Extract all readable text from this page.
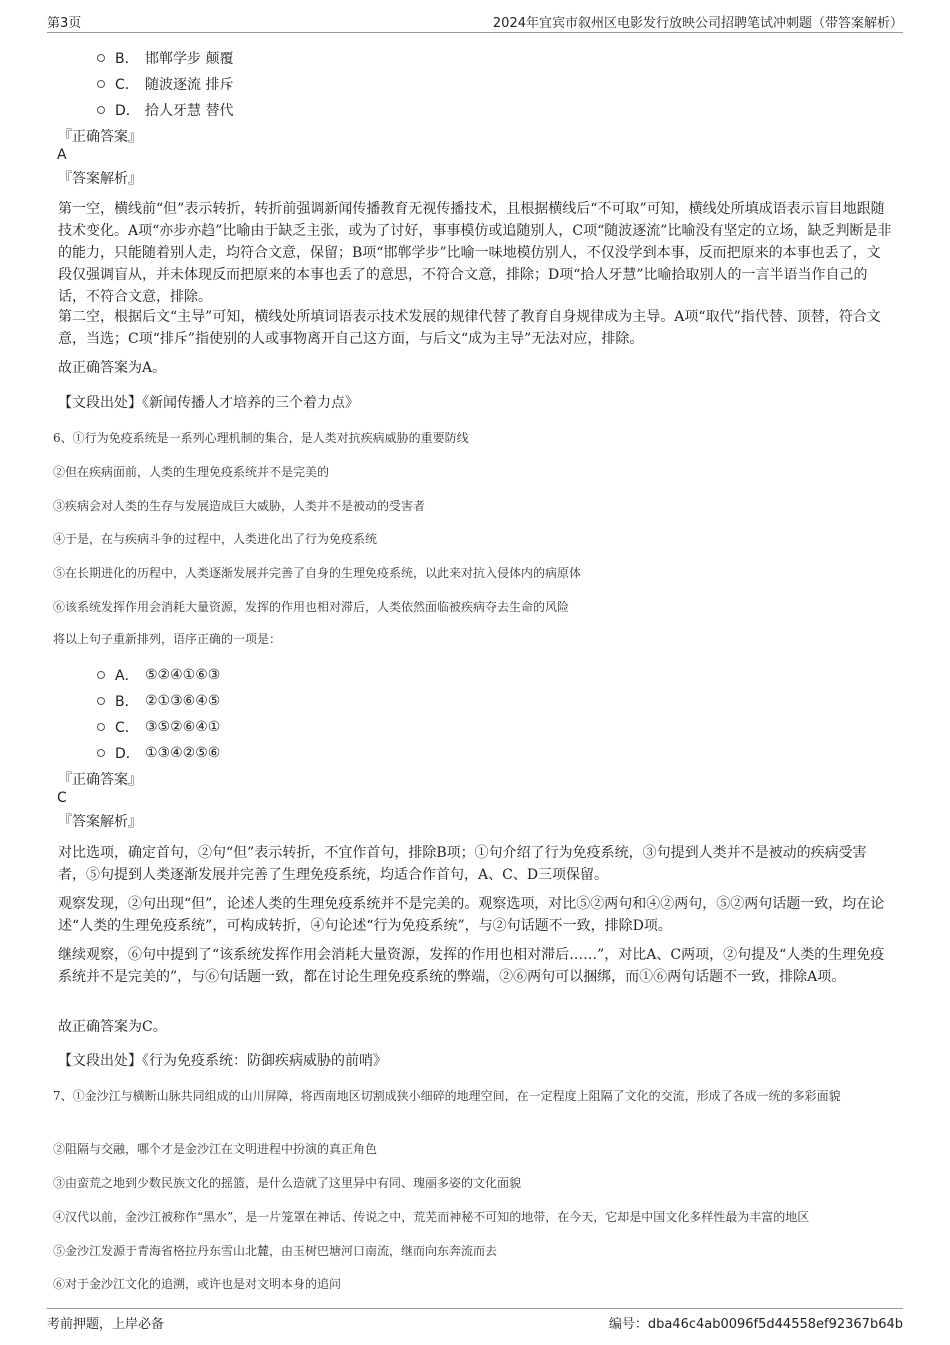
第3页	2024年宜宾市叙州区电影发行放映公司招聘笔试冲刺题（带答案解析）
B． 邯郸学步 颠覆
C． 随波逐流 排斥
D． 拾人牙慧 替代
『正确答案』
A
『答案解析』
第一空，横线前“但”表示转折，转折前强调新闻传播教育无视传播技术，且根据横线后“不可取”可知，横线处所填成语表示盲目地跟随技术变化。A项“亦步亦趋”比喻由于缺乏主张，或为了讨好，事事模仿或追随别人，C项“随波逐流”比喻没有坚定的立场，缺乏判断是非的能力，只能随着别人走，均符合文意，保留；B项“邯郸学步”比喻一味地模仿别人，不仅没学到本事，反而把原来的本事也丢了，文段仅强调盲从，并未体现反而把原来的本事也丢了的意思，不符合文意，排除；D项“拾人牙慧”比喻拾取别人的一言半语当作自己的话，不符合文意，排除。
第二空，根据后文“主导”可知，横线处所填词语表示技术发展的规律代替了教育自身规律成为主导。A项“取代”指代替、顶替，符合文意，当选；C项“排斥”指使别的人或事物离开自己这方面，与后文“成为主导”无法对应，排除。
故正确答案为A。
【文段出处】《新闻传播人才培养的三个着力点》
6、①行为免疫系统是一系列心理机制的集合，是人类对抗疾病威胁的重要防线
②但在疾病面前，人类的生理免疫系统并不是完美的
③疾病会对人类的生存与发展造成巨大威胁，人类并不是被动的受害者
④于是，在与疾病斗争的过程中，人类进化出了行为免疫系统
⑤在长期进化的历程中，人类逐渐发展并完善了自身的生理免疫系统，以此来对抗入侵体内的病原体
⑥该系统发挥作用会消耗大量资源，发挥的作用也相对滞后，人类依然面临被疾病夺去生命的风险
将以上句子重新排列，语序正确的一项是：
A． ⑤②④①⑥③
B． ②①③⑥④⑤
C． ③⑤②⑥④①
D． ①③④②⑤⑥
『正确答案』
C
『答案解析』
对比选项，确定首句，②句“但”表示转折，不宜作首句，排除B项；①句介绍了行为免疫系统，③句提到人类并不是被动的疾病受害者，⑤句提到人类逐渐发展并完善了生理免疫系统，均适合作首句，A、C、D三项保留。
观察发现，②句出现“但”，论述人类的生理免疫系统并不是完美的。观察选项，对比⑤②两句和④②两句，⑤②两句话题一致，均在论述“人类的生理免疫系统”，可构成转折，④句论述“行为免疫系统”，与②句话题不一致，排除D项。
继续观察，⑥句中提到了“该系统发挥作用会消耗大量资源，发挥的作用也相对滞后……”，对比A、C两项，②句提及“人类的生理免疫系统并不是完美的”，与⑥句话题一致，都在讨论生理免疫系统的弊端，②⑥两句可以捆绑，而①⑥两句话题不一致，排除A项。
故正确答案为C。
【文段出处】《行为免疫系统：防御疾病威胁的前哨》
7、①金沙江与横断山脉共同组成的山川屏障，将西南地区切割成狭小细碎的地理空间，在一定程度上阻隔了文化的交流，形成了各成一统的多彩面貌
②阻隔与交融，哪个才是金沙江在文明进程中扮演的真正角色
③由蛮荒之地到少数民族文化的摇篮，是什么造就了这里异中有同、瑰丽多姿的文化面貌
④汉代以前，金沙江被称作“黑水”，是一片笼罩在神话、传说之中，荒芜而神秘不可知的地带，在今天，它却是中国文化多样性最为丰富的地区
⑤金沙江发源于青海省格拉丹东雪山北麓，由玉树巴塘河口南流，继而向东奔流而去
⑥对于金沙江文化的追溯，或许也是对文明本身的追问
考前押题，上岸必备	编号：dba46c4ab0096f5d44558ef92367b64b
